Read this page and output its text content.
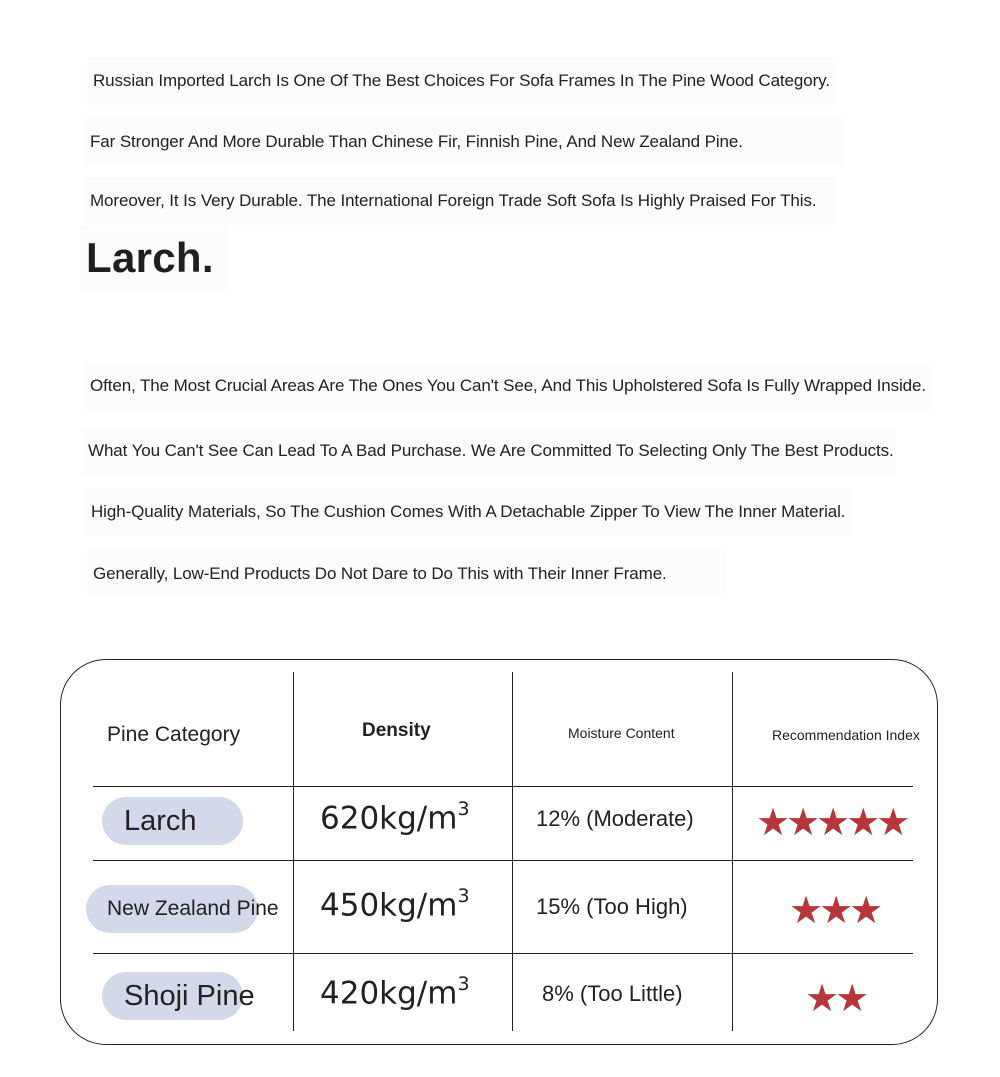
Russian Imported Larch Is One Of The Best Choices For Sofa Frames In The Pine Wood Category.
Far Stronger And More Durable Than Chinese Fir, Finnish Pine, And New Zealand Pine.
Moreover, It Is Very Durable. The International Foreign Trade Soft Sofa Is Highly Praised For This.
Larch.
Often, The Most Crucial Areas Are The Ones You Can't See, And This Upholstered Sofa Is Fully Wrapped Inside.
What You Can't See Can Lead To A Bad Purchase. We Are Committed To Selecting Only The Best Products.
High-Quality Materials, So The Cushion Comes With A Detachable Zipper To View The Inner Material.
Generally, Low-End Products Do Not Dare to Do This with Their Inner Frame.
Pine Category	Density	Moisture Content	Recommendation Index
Larch	$620kg/m^3$	12% (Moderate) ★★★★★
New Zealand Pine $450kg/m^3$	15% (Too High)	★★★
Shoji Pine $420kg/m^3$	8% (Too Little)	★★
